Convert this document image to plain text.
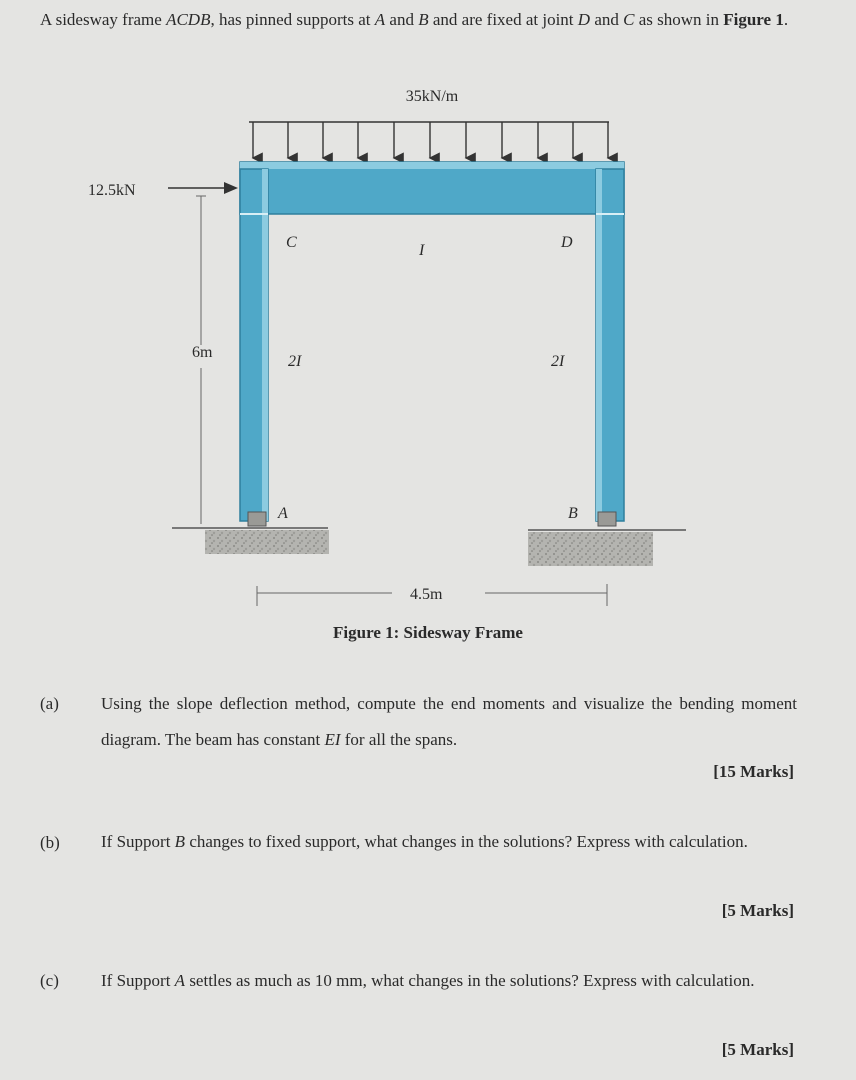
A sidesway frame ACDB, has pinned supports at A and B and are fixed at joint D and C as shown in Figure 1.
35kN/m
12.5kN
6m
C	D
I
2I	2I
A	B
4.5m
Figure 1: Sidesway Frame
(a) Using the slope deflection method, compute the end moments and visualize the bending moment diagram. The beam has constant EI for all the spans.
[15 Marks]
(b) If Support B changes to fixed support, what changes in the solutions? Express with calculation.
[5 Marks]
(c) If Support A settles as much as 10 mm, what changes in the solutions? Express with calculation.
[5 Marks]
